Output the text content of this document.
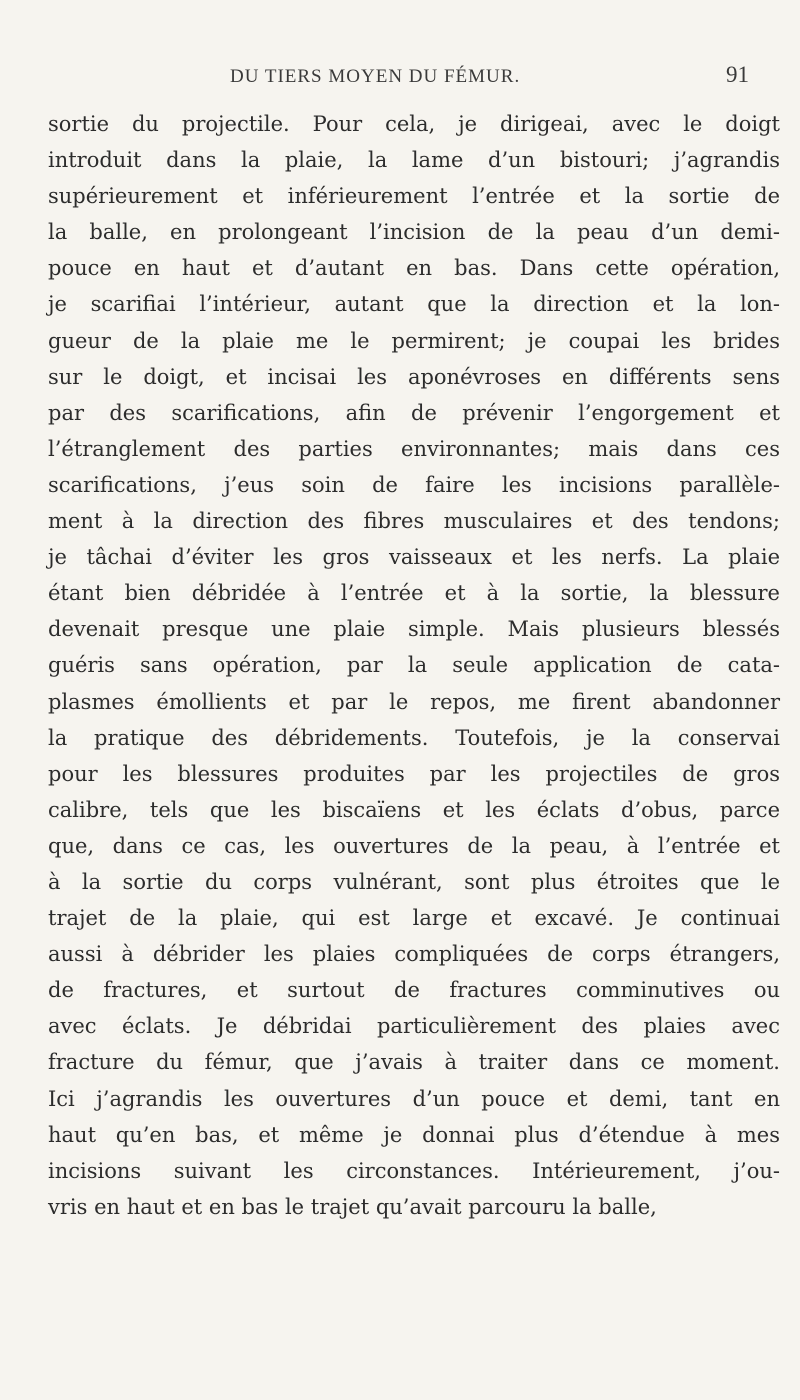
DU TIERS MOYEN DU FÉMUR.	91
sortie du projectile. Pour cela, je dirigeai, avec le doigt
introduit dans la plaie, la lame d’un bistouri; j’agrandis
supérieurement et inférieurement l’entrée et la sortie de
la balle, en prolongeant l’incision de la peau d’un demi-
pouce en haut et d’autant en bas. Dans cette opération,
je scarifiai l’intérieur, autant que la direction et la lon-
gueur de la plaie me le permirent; je coupai les brides
sur le doigt, et incisai les aponévroses en différents sens
par des scarifications, afin de prévenir l’engorgement et
l’étranglement des parties environnantes; mais dans ces
scarifications, j’eus soin de faire les incisions parallèle-
ment à la direction des fibres musculaires et des tendons;
je tâchai d’éviter les gros vaisseaux et les nerfs. La plaie
étant bien débridée à l’entrée et à la sortie, la blessure
devenait presque une plaie simple. Mais plusieurs blessés
guéris sans opération, par la seule application de cata-
plasmes émollients et par le repos, me firent abandonner
la pratique des débridements. Toutefois, je la conservai
pour les blessures produites par les projectiles de gros
calibre, tels que les biscaïens et les éclats d’obus, parce
que, dans ce cas, les ouvertures de la peau, à l’entrée et
à la sortie du corps vulnérant, sont plus étroites que le
trajet de la plaie, qui est large et excavé. Je continuai
aussi à débrider les plaies compliquées de corps étrangers,
de fractures, et surtout de fractures comminutives ou
avec éclats. Je débridai particulièrement des plaies avec
fracture du fémur, que j’avais à traiter dans ce moment.
Ici j’agrandis les ouvertures d’un pouce et demi, tant en
haut qu’en bas, et même je donnai plus d’étendue à mes
incisions suivant les circonstances. Intérieurement, j’ou-
vris en haut et en bas le trajet qu’avait parcouru la balle,
